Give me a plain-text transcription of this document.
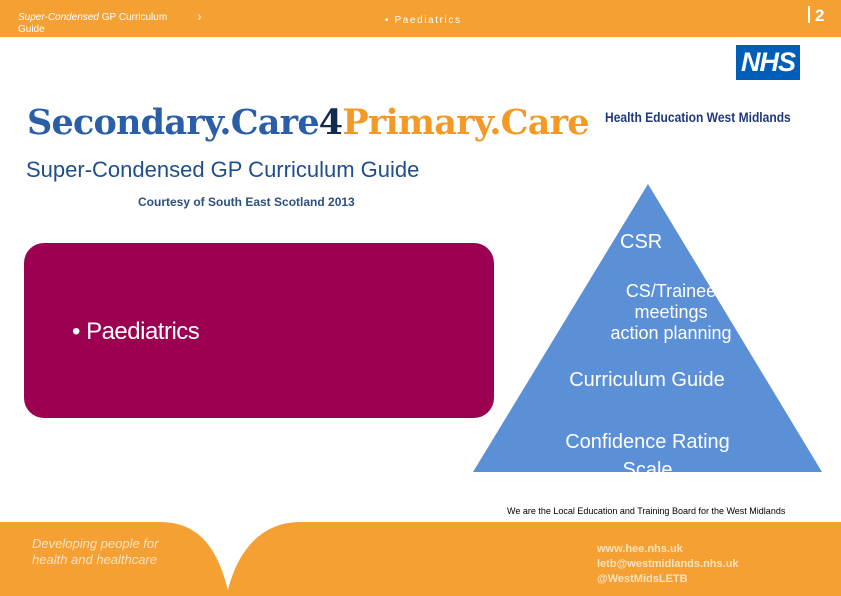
Super-Condensed GP Curriculum Guide
›	• Paediatrics	2
NHS
Health Education West Midlands
Secondary.Care4Primary.Care
Super-Condensed GP Curriculum Guide
Courtesy of South East Scotland 2013
• Paediatrics
CSR
CS/Trainee
meetings
action planning
Curriculum Guide
Confidence Rating
Scale
We are the Local Education and Training Board for the West Midlands
Developing people for health and healthcare
www.hee.nhs.uk
letb@westmidlands.nhs.uk
@WestMidsLETB
